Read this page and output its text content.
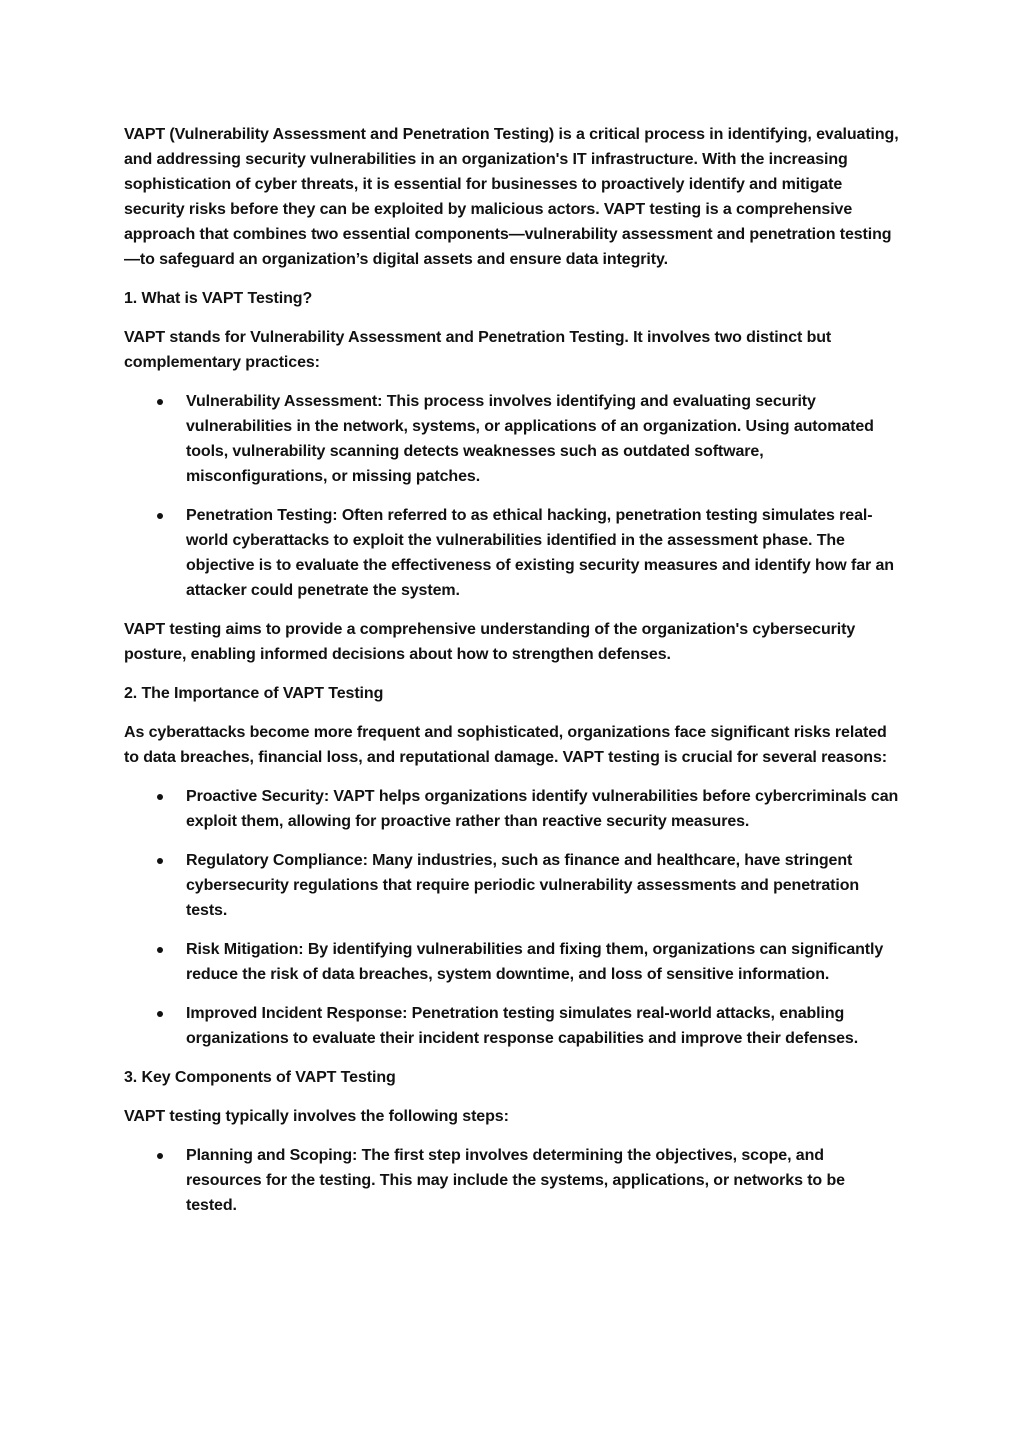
VAPT (Vulnerability Assessment and Penetration Testing) is a critical process in identifying, evaluating, and addressing security vulnerabilities in an organization's IT infrastructure. With the increasing sophistication of cyber threats, it is essential for businesses to proactively identify and mitigate security risks before they can be exploited by malicious actors. VAPT testing is a comprehensive approach that combines two essential components—vulnerability assessment and penetration testing—to safeguard an organization’s digital assets and ensure data integrity.

1. What is VAPT Testing?

VAPT stands for Vulnerability Assessment and Penetration Testing. It involves two distinct but complementary practices:

Vulnerability Assessment: This process involves identifying and evaluating security vulnerabilities in the network, systems, or applications of an organization. Using automated tools, vulnerability scanning detects weaknesses such as outdated software, misconfigurations, or missing patches.
Penetration Testing: Often referred to as ethical hacking, penetration testing simulates real-world cyberattacks to exploit the vulnerabilities identified in the assessment phase. The objective is to evaluate the effectiveness of existing security measures and identify how far an attacker could penetrate the system.

VAPT testing aims to provide a comprehensive understanding of the organization's cybersecurity posture, enabling informed decisions about how to strengthen defenses.

2. The Importance of VAPT Testing

As cyberattacks become more frequent and sophisticated, organizations face significant risks related to data breaches, financial loss, and reputational damage. VAPT testing is crucial for several reasons:

Proactive Security: VAPT helps organizations identify vulnerabilities before cybercriminals can exploit them, allowing for proactive rather than reactive security measures.
Regulatory Compliance: Many industries, such as finance and healthcare, have stringent cybersecurity regulations that require periodic vulnerability assessments and penetration tests.
Risk Mitigation: By identifying vulnerabilities and fixing them, organizations can significantly reduce the risk of data breaches, system downtime, and loss of sensitive information.
Improved Incident Response: Penetration testing simulates real-world attacks, enabling organizations to evaluate their incident response capabilities and improve their defenses.

3. Key Components of VAPT Testing

VAPT testing typically involves the following steps:

Planning and Scoping: The first step involves determining the objectives, scope, and resources for the testing. This may include the systems, applications, or networks to be tested.
